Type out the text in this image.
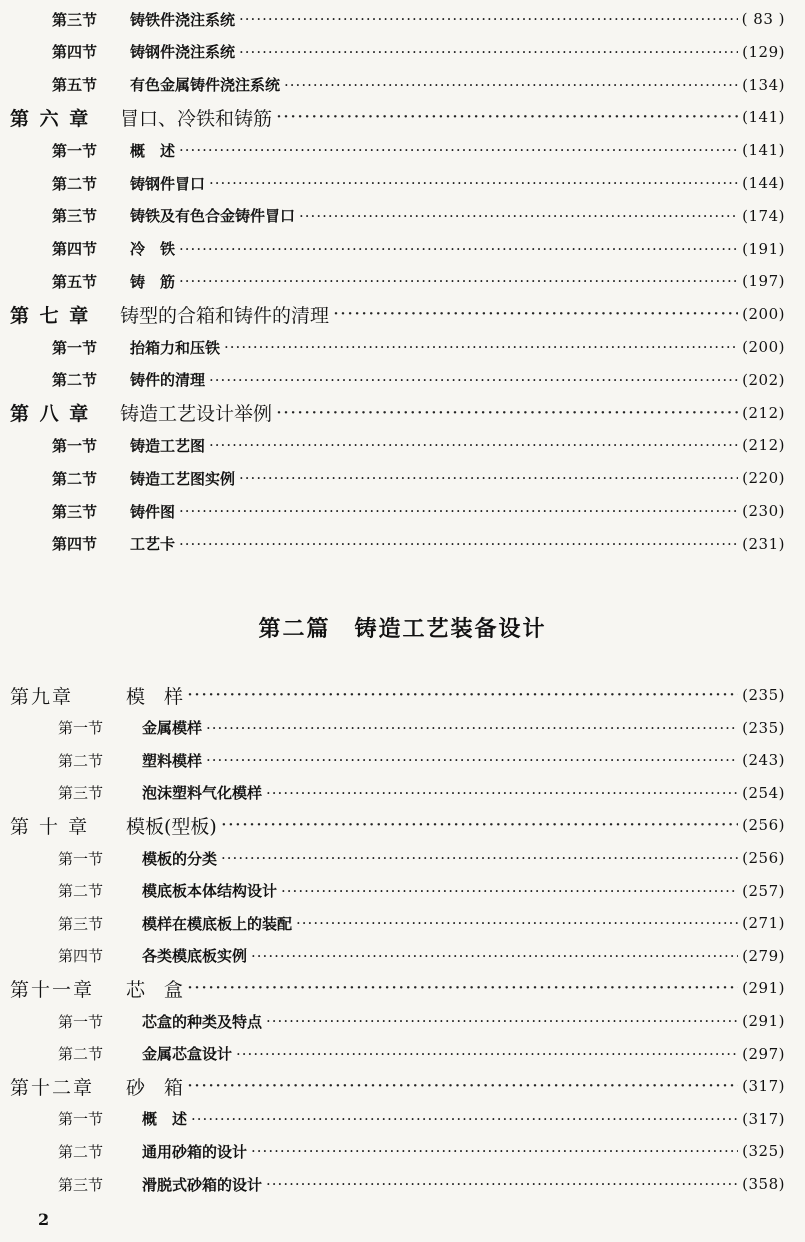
第三节	铸铁件浇注系统 ·····	( 83 )
第四节	铸钢件浇注系统 ·····	(129)
第五节	有色金属铸件浇注系统 ·····	(134)
第 六 章	冒口、冷铁和铸筋 ·····	(141)
第一节	概　述 ·····	(141)
第二节	铸钢件冒口 ·····	(144)
第三节	铸铁及有色合金铸件冒口 ·····	(174)
第四节	冷　铁 ·····	(191)
第五节	铸　筋 ·····	(197)
第 七 章	铸型的合箱和铸件的清理 ·····	(200)
第一节	抬箱力和压铁 ·····	(200)
第二节	铸件的清理 ·····	(202)
第 八 章	铸造工艺设计举例 ·····	(212)
第一节	铸造工艺图 ·····	(212)
第二节	铸造工艺图实例 ·····	(220)
第三节	铸件图 ·····	(230)
第四节	工艺卡 ·····	(231)
第九章	模　样 ·····	(235)
第一节	金属模样 ·····	(235)
第二节	塑料模样 ·····	(243)
第三节	泡沫塑料气化模样 ·····	(254)
第 十 章	模板(型板) ·····	(256)
第一节	模板的分类 ·····	(256)
第二节	模底板本体结构设计 ·····	(257)
第三节	模样在模底板上的装配 ·····	(271)
第四节	各类模底板实例 ·····	(279)
第十一章	芯　盒 ·····	(291)
第一节	芯盒的种类及特点 ·····	(291)
第二节	金属芯盒设计 ·····	(297)
第十二章	砂　箱 ·····	(317)
第一节	概　述 ·····	(317)
第二节	通用砂箱的设计 ·····	(325)
第三节	滑脱式砂箱的设计 ·····	(358)
第二篇　铸造工艺装备设计
2
